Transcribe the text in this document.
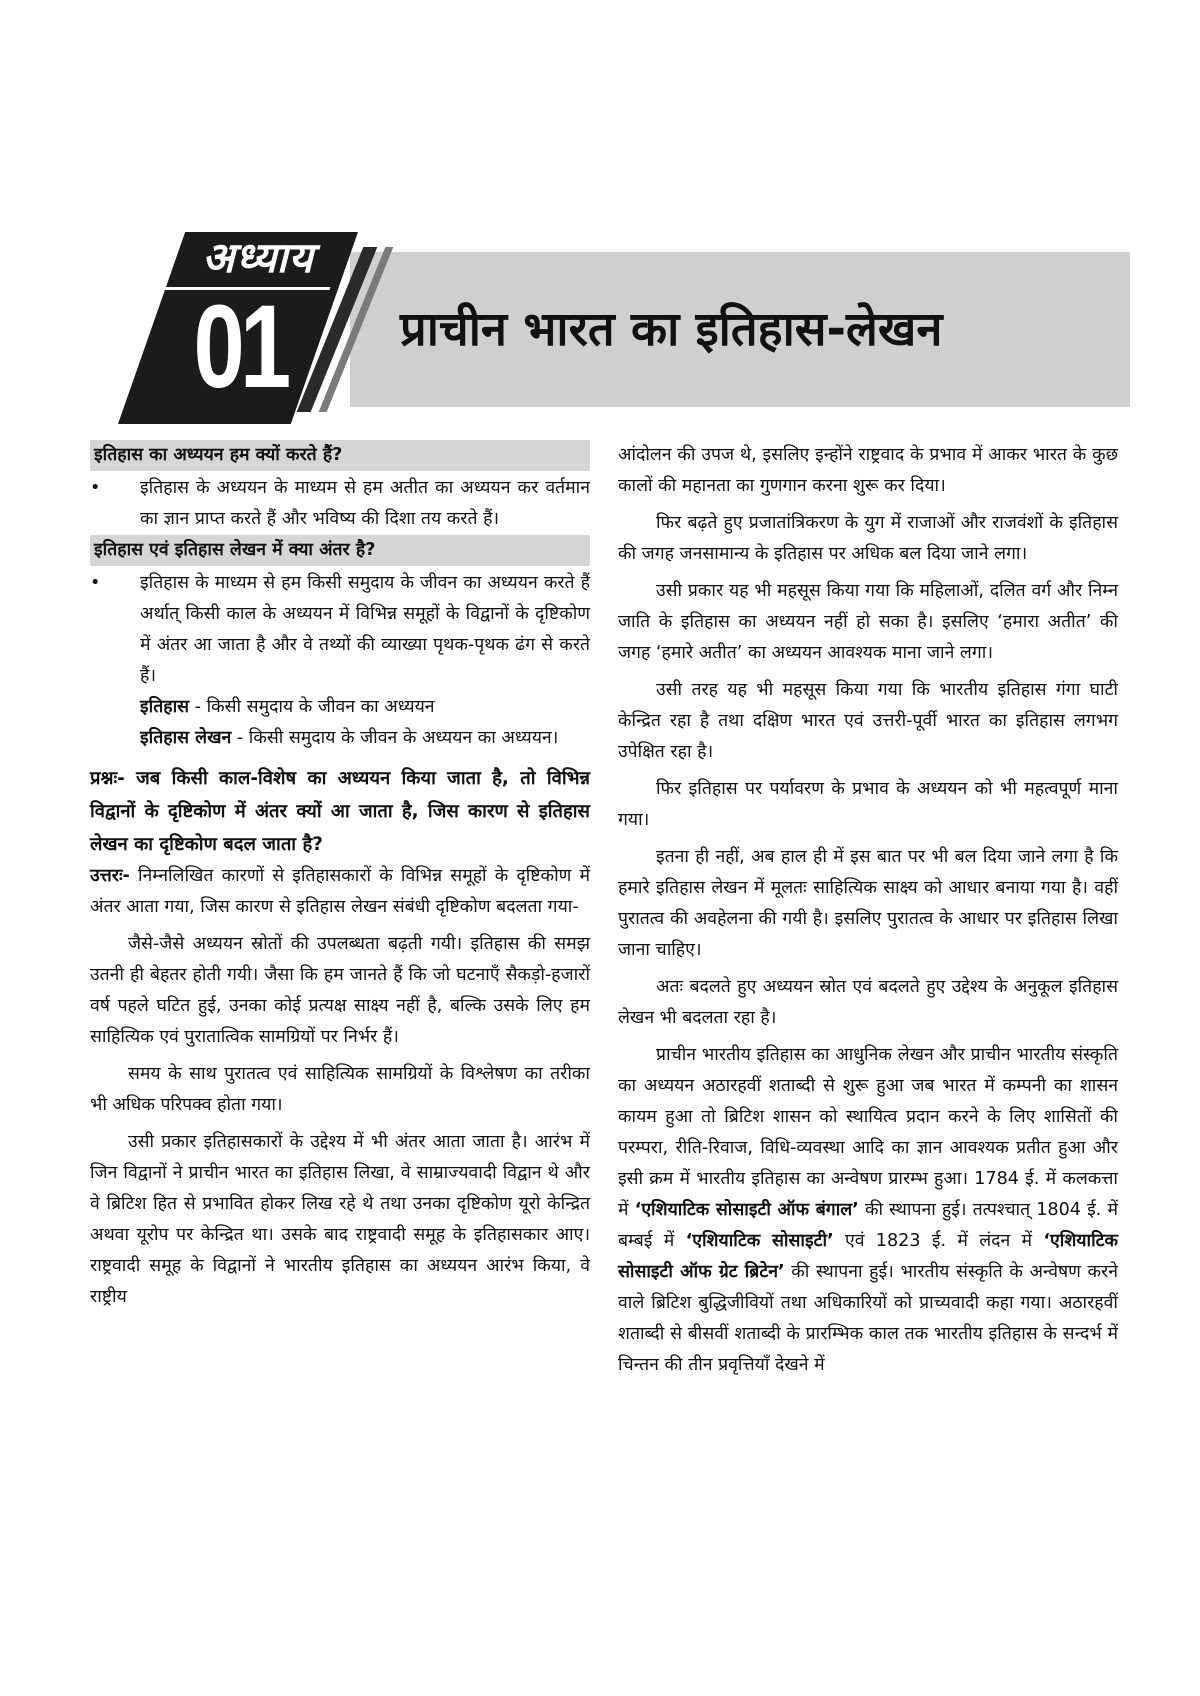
अध्याय
01 प्राचीन भारत का इतिहास-लेखन
इतिहास का अध्ययन हम क्यों करते हैं?
• इतिहास के अध्ययन के माध्यम से हम अतीत का अध्ययन कर वर्तमान का ज्ञान प्राप्त करते हैं और भविष्य की दिशा तय करते हैं।
इतिहास एवं इतिहास लेखन में क्या अंतर है?
• इतिहास के माध्यम से हम किसी समुदाय के जीवन का अध्ययन करते हैं अर्थात् किसी काल के अध्ययन में विभिन्न समूहों के विद्वानों के दृष्टिकोण में अंतर आ जाता है और वे तथ्यों की व्याख्या पृथक-पृथक ढंग से करते हैं।
इतिहास - किसी समुदाय के जीवन का अध्ययन
इतिहास लेखन - किसी समुदाय के जीवन के अध्ययन का अध्ययन।
प्रश्नः- जब किसी काल-विशेष का अध्ययन किया जाता है, तो विभिन्न विद्वानों के दृष्टिकोण में अंतर क्यों आ जाता है, जिस कारण से इतिहास लेखन का दृष्टिकोण बदल जाता है?
उत्तरः- निम्नलिखित कारणों से इतिहासकारों के विभिन्न समूहों के दृष्टिकोण में अंतर आता गया, जिस कारण से इतिहास लेखन संबंधी दृष्टिकोण बदलता गया-
जैसे-जैसे अध्ययन स्रोतों की उपलब्धता बढ़ती गयी। इतिहास की समझ उतनी ही बेहतर होती गयी। जैसा कि हम जानते हैं कि जो घटनाएँ सैकड़ो-हजारों वर्ष पहले घटित हुई, उनका कोई प्रत्यक्ष साक्ष्य नहीं है, बल्कि उसके लिए हम साहित्यिक एवं पुरातात्विक सामग्रियों पर निर्भर हैं।
समय के साथ पुरातत्व एवं साहित्यिक सामग्रियों के विश्लेषण का तरीका भी अधिक परिपक्व होता गया।
उसी प्रकार इतिहासकारों के उद्देश्य में भी अंतर आता जाता है। आरंभ में जिन विद्वानों ने प्राचीन भारत का इतिहास लिखा, वे साम्राज्यवादी विद्वान थे और वे ब्रिटिश हित से प्रभावित होकर लिख रहे थे तथा उनका दृष्टिकोण यूरो केन्द्रित अथवा यूरोप पर केन्द्रित था। उसके बाद राष्ट्रवादी समूह के इतिहासकार आए। राष्ट्रवादी समूह के विद्वानों ने भारतीय इतिहास का अध्ययन आरंभ किया, वे राष्ट्रीय
आंदोलन की उपज थे, इसलिए इन्होंने राष्ट्रवाद के प्रभाव में आकर भारत के कुछ कालों की महानता का गुणगान करना शुरू कर दिया।
फिर बढ़ते हुए प्रजातांत्रिकरण के युग में राजाओं और राजवंशों के इतिहास की जगह जनसामान्य के इतिहास पर अधिक बल दिया जाने लगा।
उसी प्रकार यह भी महसूस किया गया कि महिलाओं, दलित वर्ग और निम्न जाति के इतिहास का अध्ययन नहीं हो सका है। इसलिए ‘हमारा अतीत’ की जगह ‘हमारे अतीत’ का अध्ययन आवश्यक माना जाने लगा।
उसी तरह यह भी महसूस किया गया कि भारतीय इतिहास गंगा घाटी केन्द्रित रहा है तथा दक्षिण भारत एवं उत्तरी-पूर्वी भारत का इतिहास लगभग उपेक्षित रहा है।
फिर इतिहास पर पर्यावरण के प्रभाव के अध्ययन को भी महत्वपूर्ण माना गया।
इतना ही नहीं, अब हाल ही में इस बात पर भी बल दिया जाने लगा है कि हमारे इतिहास लेखन में मूलतः साहित्यिक साक्ष्य को आधार बनाया गया है। वहीं पुरातत्व की अवहेलना की गयी है। इसलिए पुरातत्व के आधार पर इतिहास लिखा जाना चाहिए।
अतः बदलते हुए अध्ययन स्रोत एवं बदलते हुए उद्देश्य के अनुकूल इतिहास लेखन भी बदलता रहा है।
प्राचीन भारतीय इतिहास का आधुनिक लेखन और प्राचीन भारतीय संस्कृति का अध्ययन अठारहवीं शताब्दी से शुरू हुआ जब भारत में कम्पनी का शासन कायम हुआ तो ब्रिटिश शासन को स्थायित्व प्रदान करने के लिए शासितों की परम्परा, रीति-रिवाज, विधि-व्यवस्था आदि का ज्ञान आवश्यक प्रतीत हुआ और इसी क्रम में भारतीय इतिहास का अन्वेषण प्रारम्भ हुआ। 1784 ई. में कलकत्ता में ‘एशियाटिक सोसाइटी ऑफ बंगाल’ की स्थापना हुई। तत्पश्चात् 1804 ई. में बम्बई में ‘एशियाटिक सोसाइटी’ एवं 1823 ई. में लंदन में ‘एशियाटिक सोसाइटी ऑफ ग्रेट ब्रिटेन’ की स्थापना हुई। भारतीय संस्कृति के अन्वेषण करने वाले ब्रिटिश बुद्धिजीवियों तथा अधिकारियों को प्राच्यवादी कहा गया। अठारहवीं शताब्दी से बीसवीं शताब्दी के प्रारम्भिक काल तक भारतीय इतिहास के सन्दर्भ में चिन्तन की तीन प्रवृत्तियाँ देखने में
